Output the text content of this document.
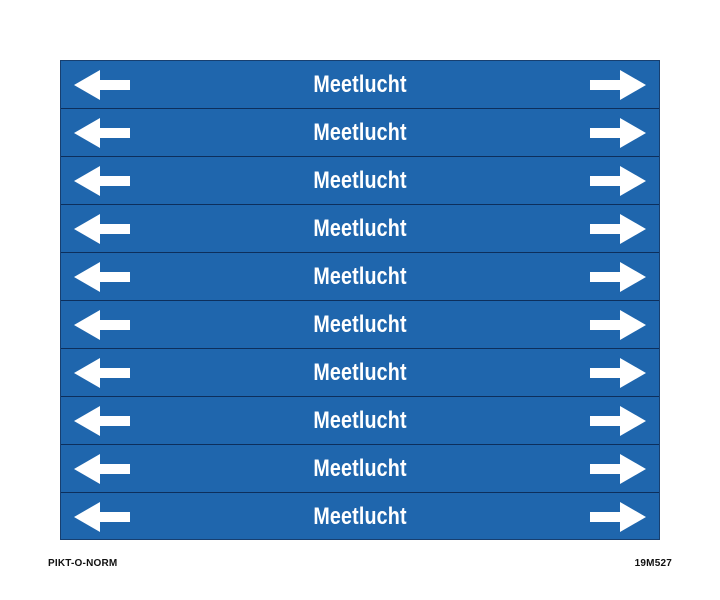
Meetlucht
Meetlucht
Meetlucht
Meetlucht
Meetlucht
Meetlucht
Meetlucht
Meetlucht
Meetlucht
Meetlucht
PIKT-O-NORM	19M527
